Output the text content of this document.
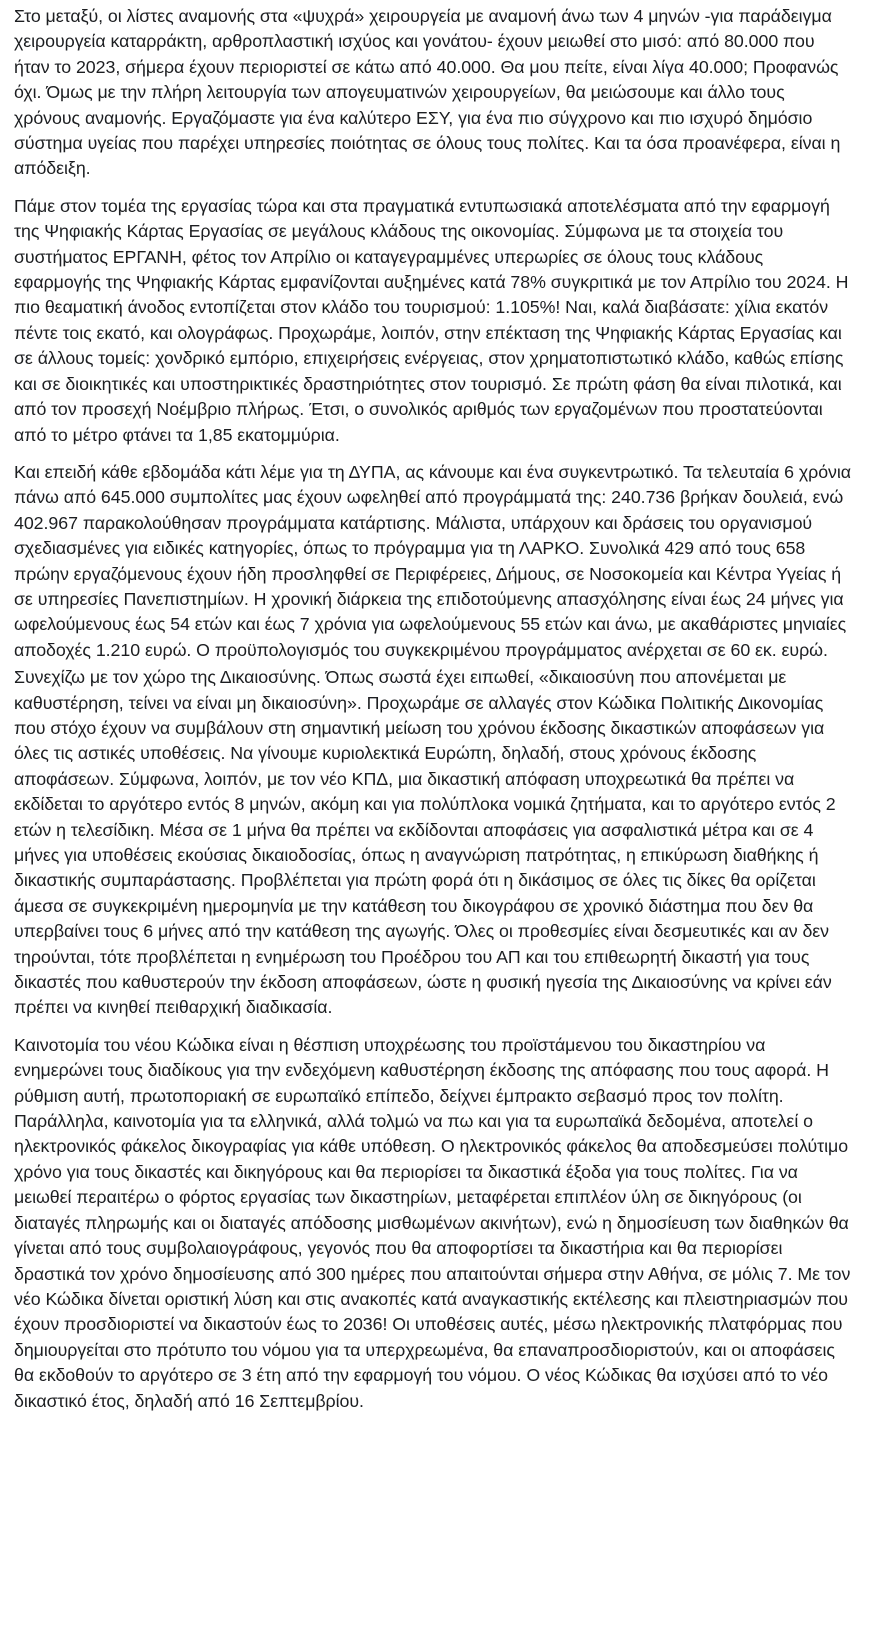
Στο μεταξύ, οι λίστες αναμονής στα «ψυχρά» χειρουργεία με αναμονή άνω των 4 μηνών -για παράδειγμα χειρουργεία καταρράκτη, αρθροπλαστική ισχύος και γονάτου- έχουν μειωθεί στο μισό: από 80.000 που ήταν το 2023, σήμερα έχουν περιοριστεί σε κάτω από 40.000. Θα μου πείτε, είναι λίγα 40.000; Προφανώς όχι. Όμως με την πλήρη λειτουργία των απογευματινών χειρουργείων, θα μειώσουμε και άλλο τους χρόνους αναμονής. Εργαζόμαστε για ένα καλύτερο ΕΣΥ, για ένα πιο σύγχρονο και πιο ισχυρό δημόσιο σύστημα υγείας που παρέχει υπηρεσίες ποιότητας σε όλους τους πολίτες. Και τα όσα προανέφερα, είναι η απόδειξη.

Πάμε στον τομέα της εργασίας τώρα και στα πραγματικά εντυπωσιακά αποτελέσματα από την εφαρμογή της Ψηφιακής Κάρτας Εργασίας σε μεγάλους κλάδους της οικονομίας. Σύμφωνα με τα στοιχεία του συστήματος ΕΡΓΑΝΗ, φέτος τον Απρίλιο οι καταγεγραμμένες υπερωρίες σε όλους τους κλάδους εφαρμογής της Ψηφιακής Κάρτας εμφανίζονται αυξημένες κατά 78% συγκριτικά με τον Απρίλιο του 2024. Η πιο θεαματική άνοδος εντοπίζεται στον κλάδο του τουρισμού: 1.105%! Ναι, καλά διαβάσατε: χίλια εκατόν πέντε τοις εκατό, και ολογράφως. Προχωράμε, λοιπόν, στην επέκταση της Ψηφιακής Κάρτας Εργασίας και σε άλλους τομείς: χονδρικό εμπόριο, επιχειρήσεις ενέργειας, στον χρηματοπιστωτικό κλάδο, καθώς επίσης και σε διοικητικές και υποστηρικτικές δραστηριότητες στον τουρισμό. Σε πρώτη φάση θα είναι πιλοτικά, και από τον προσεχή Νοέμβριο πλήρως. Έτσι, ο συνολικός αριθμός των εργαζομένων που προστατεύονται από το μέτρο φτάνει τα 1,85 εκατομμύρια.

Και επειδή κάθε εβδομάδα κάτι λέμε για τη ΔΥΠΑ, ας κάνουμε και ένα συγκεντρωτικό. Τα τελευταία 6 χρόνια πάνω από 645.000 συμπολίτες μας έχουν ωφεληθεί από προγράμματά της: 240.736 βρήκαν δουλειά, ενώ 402.967 παρακολούθησαν προγράμματα κατάρτισης. Μάλιστα, υπάρχουν και δράσεις του οργανισμού σχεδιασμένες για ειδικές κατηγορίες, όπως το πρόγραμμα για τη ΛΑΡΚΟ. Συνολικά 429 από τους 658 πρώην εργαζόμενους έχουν ήδη προσληφθεί σε Περιφέρειες, Δήμους, σε Νοσοκομεία και Κέντρα Υγείας ή σε υπηρεσίες Πανεπιστημίων. Η χρονική διάρκεια της επιδοτούμενης απασχόλησης είναι έως 24 μήνες για ωφελούμενους έως 54 ετών και έως 7 χρόνια για ωφελούμενους 55 ετών και άνω, με ακαθάριστες μηνιαίες αποδοχές 1.210 ευρώ. Ο προϋπολογισμός του συγκεκριμένου προγράμματος ανέρχεται σε 60 εκ. ευρώ.

Συνεχίζω με τον χώρο της Δικαιοσύνης. Όπως σωστά έχει ειπωθεί, «δικαιοσύνη που απονέμεται με καθυστέρηση, τείνει να είναι μη δικαιοσύνη». Προχωράμε σε αλλαγές στον Κώδικα Πολιτικής Δικονομίας που στόχο έχουν να συμβάλουν στη σημαντική μείωση του χρόνου έκδοσης δικαστικών αποφάσεων για όλες τις αστικές υποθέσεις. Να γίνουμε κυριολεκτικά Ευρώπη, δηλαδή, στους χρόνους έκδοσης αποφάσεων. Σύμφωνα, λοιπόν, με τον νέο ΚΠΔ, μια δικαστική απόφαση υποχρεωτικά θα πρέπει να εκδίδεται το αργότερο εντός 8 μηνών, ακόμη και για πολύπλοκα νομικά ζητήματα, και το αργότερο εντός 2 ετών η τελεσίδικη. Μέσα σε 1 μήνα θα πρέπει να εκδίδονται αποφάσεις για ασφαλιστικά μέτρα και σε 4 μήνες για υποθέσεις εκούσιας δικαιοδοσίας, όπως η αναγνώριση πατρότητας, η επικύρωση διαθήκης ή δικαστικής συμπαράστασης. Προβλέπεται για πρώτη φορά ότι η δικάσιμος σε όλες τις δίκες θα ορίζεται άμεσα σε συγκεκριμένη ημερομηνία με την κατάθεση του δικογράφου σε χρονικό διάστημα που δεν θα υπερβαίνει τους 6 μήνες από την κατάθεση της αγωγής. Όλες οι προθεσμίες είναι δεσμευτικές και αν δεν τηρούνται, τότε προβλέπεται η ενημέρωση του Προέδρου του ΑΠ και του επιθεωρητή δικαστή για τους δικαστές που καθυστερούν την έκδοση αποφάσεων, ώστε η φυσική ηγεσία της Δικαιοσύνης να κρίνει εάν πρέπει να κινηθεί πειθαρχική διαδικασία.

Καινοτομία του νέου Κώδικα είναι η θέσπιση υποχρέωσης του προϊστάμενου του δικαστηρίου να ενημερώνει τους διαδίκους για την ενδεχόμενη καθυστέρηση έκδοσης της απόφασης που τους αφορά. Η ρύθμιση αυτή, πρωτοποριακή σε ευρωπαϊκό επίπεδο, δείχνει έμπρακτο σεβασμό προς τον πολίτη. Παράλληλα, καινοτομία για τα ελληνικά, αλλά τολμώ να πω και για τα ευρωπαϊκά δεδομένα, αποτελεί ο ηλεκτρονικός φάκελος δικογραφίας για κάθε υπόθεση. Ο ηλεκτρονικός φάκελος θα αποδεσμεύσει πολύτιμο χρόνο για τους δικαστές και δικηγόρους και θα περιορίσει τα δικαστικά έξοδα για τους πολίτες. Για να μειωθεί περαιτέρω ο φόρτος εργασίας των δικαστηρίων, μεταφέρεται επιπλέον ύλη σε δικηγόρους (οι διαταγές πληρωμής και οι διαταγές απόδοσης μισθωμένων ακινήτων), ενώ η δημοσίευση των διαθηκών θα γίνεται από τους συμβολαιογράφους, γεγονός που θα αποφορτίσει τα δικαστήρια και θα περιορίσει δραστικά τον χρόνο δημοσίευσης από 300 ημέρες που απαιτούνται σήμερα στην Αθήνα, σε μόλις 7. Με τον νέο Κώδικα δίνεται οριστική λύση και στις ανακοπές κατά αναγκαστικής εκτέλεσης και πλειστηριασμών που έχουν προσδιοριστεί να δικαστούν έως το 2036! Οι υποθέσεις αυτές, μέσω ηλεκτρονικής πλατφόρμας που δημιουργείται στο πρότυπο του νόμου για τα υπερχρεωμένα, θα επαναπροσδιοριστούν, και οι αποφάσεις θα εκδοθούν το αργότερο σε 3 έτη από την εφαρμογή του νόμου. Ο νέος Κώδικας θα ισχύσει από το νέο δικαστικό έτος, δηλαδή από 16 Σεπτεμβρίου.
